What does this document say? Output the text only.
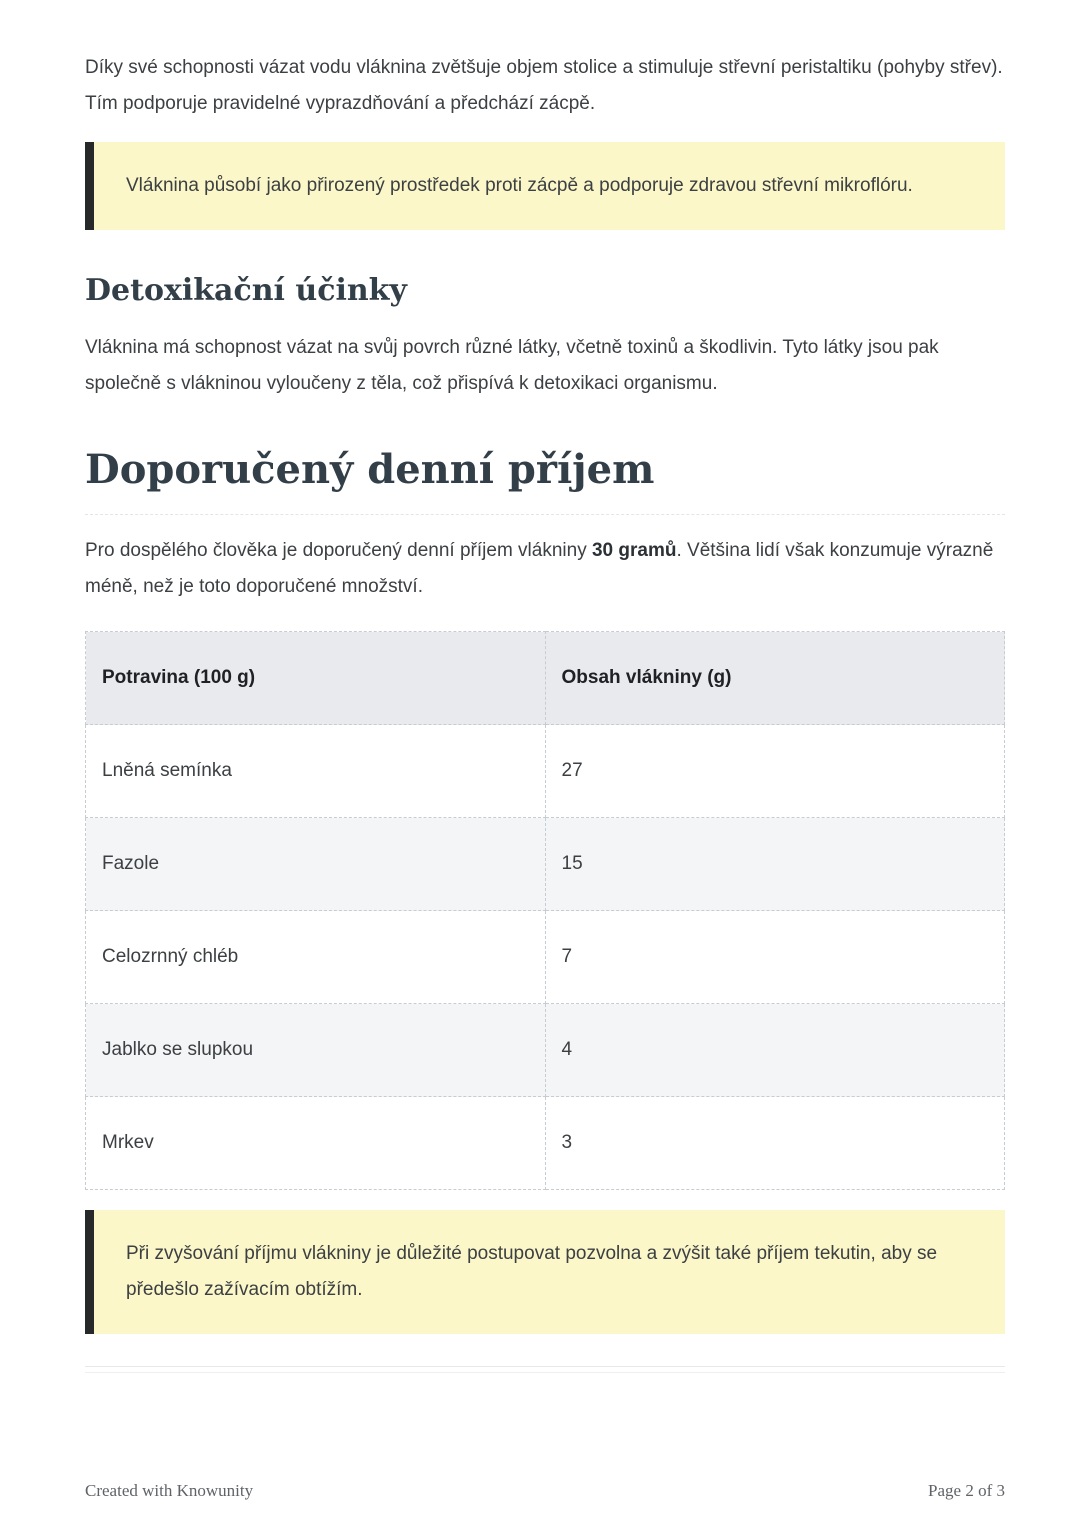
Díky své schopnosti vázat vodu vláknina zvětšuje objem stolice a stimuluje střevní peristaltiku (pohyby střev). Tím podporuje pravidelné vyprazdňování a předchází zácpě.

Vláknina působí jako přirozený prostředek proti zácpě a podporuje zdravou střevní mikroflóru.

Detoxikační účinky

Vláknina má schopnost vázat na svůj povrch různé látky, včetně toxinů a škodlivin. Tyto látky jsou pak společně s vlákninou vyloučeny z těla, což přispívá k detoxikaci organismu.

Doporučený denní příjem

Pro dospělého člověka je doporučený denní příjem vlákniny 30 gramů. Většina lidí však konzumuje výrazně méně, než je toto doporučené množství.

Potravina (100 g)	Obsah vlákniny (g)
Lněná semínka	27
Fazole	15
Celozrnný chléb	7
Jablko se slupkou	4
Mrkev	3

Při zvyšování příjmu vlákniny je důležité postupovat pozvolna a zvýšit také příjem tekutin, aby se předešlo zažívacím obtížím.

Created with Knowunity	Page 2 of 3
